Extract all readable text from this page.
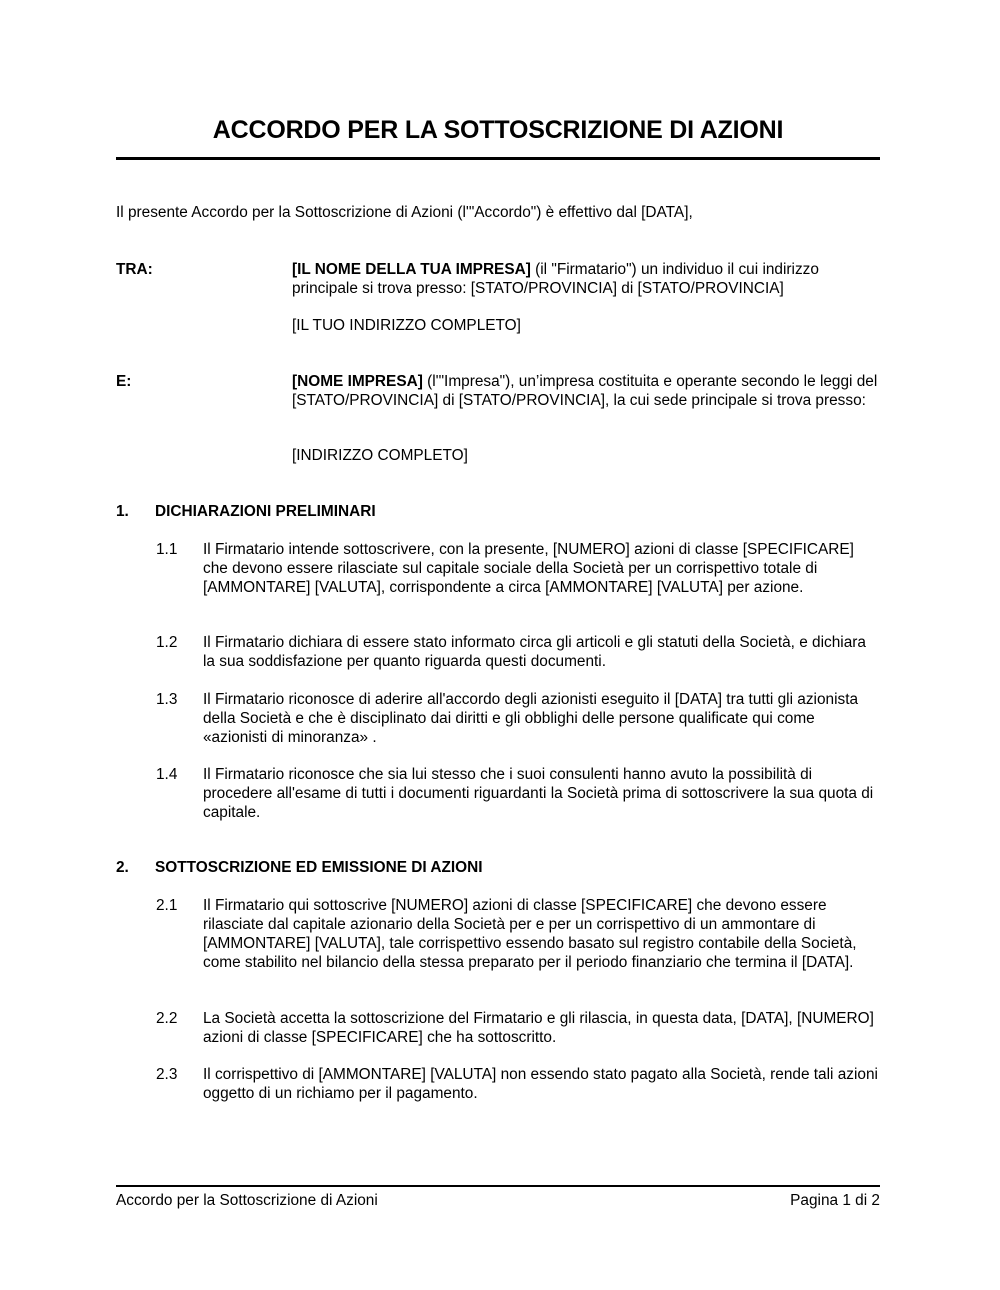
ACCORDO PER LA SOTTOSCRIZIONE DI AZIONI
Il presente Accordo per la Sottoscrizione di Azioni (l'"Accordo") è effettivo dal [DATA],
TRA:	[IL NOME DELLA TUA IMPRESA] (il "Firmatario") un individuo il cui indirizzo principale si trova presso: [STATO/PROVINCIA] di [STATO/PROVINCIA]
[IL TUO INDIRIZZO COMPLETO]
E:	[NOME IMPRESA] (l'"Impresa"), un’impresa costituita e operante secondo le leggi del [STATO/PROVINCIA] di [STATO/PROVINCIA], la cui sede principale si trova presso:
[INDIRIZZO COMPLETO]
1. DICHIARAZIONI PRELIMINARI
1.1 Il Firmatario intende sottoscrivere, con la presente, [NUMERO] azioni di classe [SPECIFICARE] che devono essere rilasciate sul capitale sociale della Società per un corrispettivo totale di [AMMONTARE] [VALUTA], corrispondente a circa [AMMONTARE] [VALUTA] per azione.
1.2 Il Firmatario dichiara di essere stato informato circa gli articoli e gli statuti della Società, e dichiara la sua soddisfazione per quanto riguarda questi documenti.
1.3 Il Firmatario riconosce di aderire all'accordo degli azionisti eseguito il [DATA] tra tutti gli azionista della Società e che è disciplinato dai diritti e gli obblighi delle persone qualificate qui come «azionisti di minoranza» .
1.4 Il Firmatario riconosce che sia lui stesso che i suoi consulenti hanno avuto la possibilità di procedere all'esame di tutti i documenti riguardanti la Società prima di sottoscrivere la sua quota di capitale.
2. SOTTOSCRIZIONE ED EMISSIONE DI AZIONI
2.1 Il Firmatario qui sottoscrive [NUMERO] azioni di classe [SPECIFICARE] che devono essere rilasciate dal capitale azionario della Società per e per un corrispettivo di un ammontare di [AMMONTARE] [VALUTA], tale corrispettivo essendo basato sul registro contabile della Società, come stabilito nel bilancio della stessa preparato per il periodo finanziario che termina il [DATA].
2.2 La Società accetta la sottoscrizione del Firmatario e gli rilascia, in questa data, [DATA], [NUMERO] azioni di classe [SPECIFICARE] che ha sottoscritto.
2.3 Il corrispettivo di [AMMONTARE] [VALUTA] non essendo stato pagato alla Società, rende tali azioni oggetto di un richiamo per il pagamento.
Accordo per la Sottoscrizione di Azioni	Pagina 1 di 2
